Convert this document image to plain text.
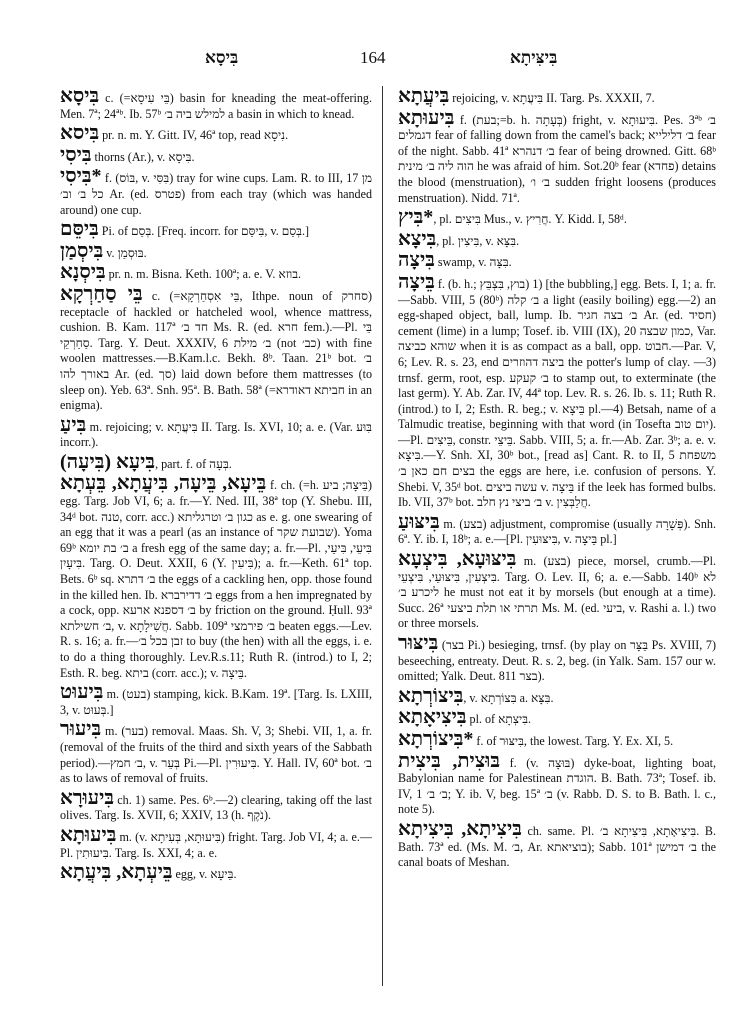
בִּיסָא	164	בִּיצִּיתָא

בִּיסָא c. (=בֵּי עִיסָא) basin for kneading the meat-offering. Men. 7ª; 24ªᵇ. Ib. 57ᵇ למילש ביה ב׳ a basin in which to knead.

בִּיסא pr. n. m. Y. Gitt. IV, 46ª top, read נִיסָא.

בִּיסִי thorns (Ar.), v. בִּיסָא.

*בִּיסִי f. (בּוֹס, v. בִּסִּי) tray for wine cups. Lam. R. to III, 17 מן כל ב׳ וב׳ Ar. (ed. פטרס) from each tray (which was handed around) one cup.

בִּיסֵּם Pi. of בְּסַם. [Freq. incorr. for בִּיסַּם, v. בְּסַם.]

בִּיסְמַן v. בּוּסְמַן.

בִּיסְנָא pr. n. m. Bisna. Keth. 100ª; a. e. V. בוזא.

בֵּי סַחַרְקָא c. (=בֵּי אִסְחַרְקָא, Ithpe. noun of סחרק) receptacle of hackled or hatcheled wool, whence mattress, cushion. B. Kam. 117ª חד ב׳ Ms. R. (ed. חרא fem.).—Pl. בֵּי סַחַרְקֵי. Targ. Y. Deut. XXXIV, 6 ב׳ מילת (not כב׳) with fine woolen mattresses.—B.Kam.l.c. Bekh. 8ᵇ. Taan. 21ᵇ bot. ב׳ באורך להו Ar. (ed. סך) laid down before them mattresses (to sleep on). Yeb. 63ª. Snh. 95ª. B. Bath. 58ª (=חביתא דאודרא in an enigma).

בִּיעַ m. rejoicing; v. בִּיעֲתָא II. Targ. Is. XVI, 10; a. e. (Var. בִּוּע incorr.).

בִּיעָא (בִּיעָה), part. f. of בְּעָה.

בֵּיעָא, בֵּיעָה, בִּיעֲתָא, בֵּעְתָא f. ch. (=h. בֵּיצָה; ביע) egg. Targ. Job VI, 6; a. fr.—Y. Ned. III, 38ª top (Y. Shebu. III, 34ᵈ bot. טנה, corr. acc.) כגון ב׳ וטרגליתא as e. g. one swearing of an egg that it was a pearl (as an instance of שבועת שקר). Yoma 69ᵇ ב׳ בת יומא a fresh egg of the same day; a. fr.—Pl. בִּיעֵי, בִּיעֵי, בִּיעָיִן. Targ. O. Deut. XXII, 6 (Y. בִּיעִין); a. fr.—Keth. 61ª top. Bets. 6ᵇ sq. ב׳ דתרא the eggs of a cackling hen, opp. those found in the killed hen. Ib. ב׳ דדירברא eggs from a hen impregnated by a cock, opp. ב׳ דספנא ארעא by friction on the ground. Ḥull. 93ª ב׳ חשילתא, v. חֲשִׁילָתָא. Sabb. 109ª ב׳ פירמצי beaten eggs.—Lev. R. s. 16; a. fr.—זבן בכל ב׳ to buy (the hen) with all the eggs, i. e. to do a thing thoroughly. Lev.R.s.11; Ruth R. (introd.) to I, 2; Esth. R. beg. ביתא (corr. acc.); v. בֵּיצָה.

בִּיעוּט m. (בעט) stamping, kick. B.Kam. 19ª. [Targ. Is. LXIII, 3, v. בְּעוּט.]

בִּיעוּר m. (בער) removal. Maas. Sh. V, 3; Shebi. VII, 1, a. fr. (removal of the fruits of the third and sixth years of the Sabbath period).—ב׳ חמץ, v. בְּעֵר Pi.—Pl. בִּיעוּרִין. Y. Hall. IV, 60ª bot. ב׳ as to laws of removal of fruits.

בִּיעוּרָא ch. 1) same. Pes. 6ᵇ.—2) clearing, taking off the last olives. Targ. Is. XVII, 6; XXIV, 13 (h. נֹקֶף).

בִּיעוּתָא m. (v. בִּיעוּתָא, בְּעִיתָא) fright. Targ. Job VI, 4; a. e.—Pl. בִּיעוּתִין. Targ. Is. XXI, 4; a. e.

בֵּיעְתָא, בִּיעֲתָא egg, v. בֵּיעָא.

בִּיעֲתָא rejoicing, v. בִּיעֲתָא II. Targ. Ps. XXXII, 7.

בִּיעוּתָא f. (בעת;=b. h. בְּעָתָה) fright, v. בִּיעוּתָא. Pes. 3ªᵇ ב׳ דגמלים fear of falling down from the camel's back; ב׳ דלילייא fear of the night. Sabb. 41ª ב׳ דנהרא fear of being drowned. Gitt. 68ᵇ הוה ליה ב׳ מינית he was afraid of him. Sot.20ᵇ fear (פחדא) detains the blood (menstruation), ב׳ ו׳ sudden fright loosens (produces menstruation). Nidd. 71ª.

*בִּיץ, pl. בִּיצִים Mus., v. חֲרִיץ. Y. Kidd. I, 58ᵈ.

בִּיצָא, pl. בִּיצִין, v. בִּצָּא.

בִּיצָה swamp, v. בִּצָּה.

בֵּיצָה f. (b. h.; בוץ, בִּצְבֵּץ) 1) [the bubbling,] egg. Bets. I, 1; a. fr.—Sabb. VIII, 5 (80ᵇ) ב׳ קלה a light (easily boiling) egg.—2) an egg-shaped object, ball, lump. Ib. ב׳ בצה חגיר Ar. (ed. חסיד) cement (lime) in a lump; Tosef. ib. VIII (IX), 20 כמון שבצה, Var. שוהא כביצה when it is as compact as a ball, opp. חבוט.—Par. V, 6; Lev. R. s. 23, end ביצה דהוזרים the potter's lump of clay. —3) trnsf. germ, root, esp. ב׳ קעקע to stamp out, to exterminate (the last germ). Y. Ab. Zar. IV, 44ª top. Lev. R. s. 26. Ib. s. 11; Ruth R. (introd.) to I, 2; Esth. R. beg.; v. בֵּיצָא pl.—4) Betsah, name of a Talmudic treatise, beginning with that word (in Tosefta יום טוב).—Pl. בֵּיצִים, constr. בֵּיצֵי. Sabb. VIII, 5; a. fr.—Ab. Zar. 3ᵇ; a. e. v. בִּיצָא.—Y. Snh. XI, 30ᵇ bot., [read as] Cant. R. to II, 5 משפחת בצים חם כאן ב׳ the eggs are here, i.e. confusion of persons. Y. Shebi. V, 35ᵈ bot. עשה ביצים v. בֵּיצָה if the leek has formed bulbs. Ib. VII, 37ᵇ bot. ב׳ ביצי נץ חלב v. חֲלַבְּצִין.

בִּיצּוּעַ m. (בצע) adjustment, compromise (usually פְּשָׁרָה). Snh. 6ª. Y. ib. I, 18ᵇ; a. e.—[Pl. בִּיצּוּעִין, v. בֵּיצָה pl.]

בִּיצּוּעָא, בִּיצְעָא m. (בצע) piece, morsel, crumb.—Pl. בִּיצְעִין, בִּיצּוּעֵי, בִּיצְעֵי. Targ. O. Lev. II, 6; a. e.—Sabb. 140ᵇ לא ליכרע ב׳ he must not eat it by morsels (but enough at a time). Succ. 26ª תרתי או תלת ביצעי Ms. M. (ed. ביעי, v. Rashi a. l.) two or three morsels.

בִּיצּוּר (בצר Pi.) besieging, trnsf. (by play on בַּצָּר Ps. XVIII, 7) beseeching, entreaty. Deut. R. s. 2, beg. (in Yalk. Sam. 157 our w. omitted; Yalk. Deut. 811 בצר).

בִּיצוֹרְתָא, v. בִּצוֹרְתָא a. בִּצָּא.

בִּיצִיאָתָא pl. of בִּיצְתָא.

*בִּיצוֹרְתָא f. of בִּיצּוּר, the lowest. Targ. Y. Ex. XI, 5.

בּוּצִית, בִּיצִית f. (v. בּוּצָה) dyke-boat, lighting boat, Babylonian name for Palestinean הוגדת. B. Bath. 73ª; Tosef. ib. IV, 1 ב׳ ב׳; Y. ib. V, beg. 15ª ב׳ (v. Rabb. D. S. to B. Bath. l. c., note 5).

בִּיצִיתָא, בִּיצִיתָא ch. same. Pl. בִּיצִיאָתָא, בִּיצִיתָא ב׳. B. Bath. 73ª ed. (Ms. M. ב׳, Ar. בוציאתא); Sabb. 101ª ב׳ דמישן the canal boats of Meshan.
